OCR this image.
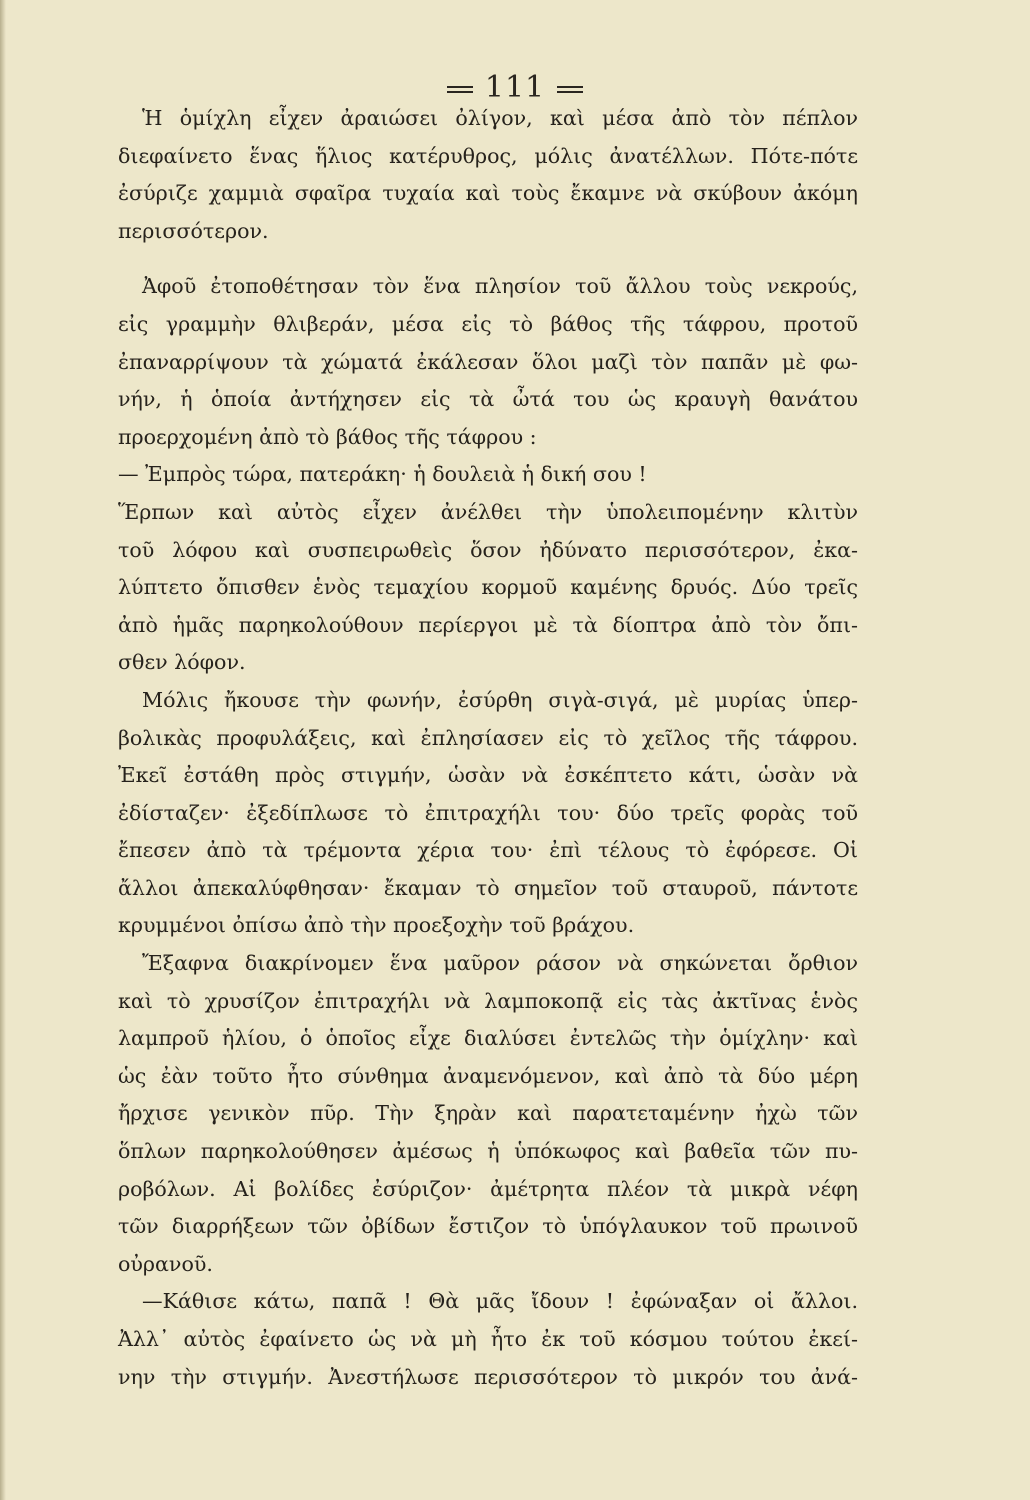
111
Ἡ ὁμίχλη εἶχεν ἀραιώσει ὀλίγον, καὶ μέσα ἀπὸ τὸν πέπλον
διεφαίνετο ἕνας ἥλιος κατέρυθρος, μόλις ἀνατέλλων. Πότε-πότε
ἐσύριζε χαμμιὰ σφαῖρα τυχαία καὶ τοὺς ἔκαμνε νὰ σκύβουν ἀκόμη
περισσότερον.
Ἀφοῦ ἐτοποθέτησαν τὸν ἕνα πλησίον τοῦ ἄλλου τοὺς νεκρούς,
εἰς γραμμὴν θλιβεράν, μέσα εἰς τὸ βάθος τῆς τάφρου, προτοῦ
ἐπαναρρίψουν τὰ χώματά ἐκάλεσαν ὅλοι μαζὶ τὸν παπᾶν μὲ φω-
νήν, ἡ ὁποία ἀντήχησεν εἰς τὰ ὦτά του ὡς κραυγὴ θανάτου
προερχομένη ἀπὸ τὸ βάθος τῆς τάφρου :
— Ἐμπρὸς τώρα, πατεράκη· ἡ δουλειὰ ἡ δική σου !
Ἕρπων καὶ αὐτὸς εἶχεν ἀνέλθει τὴν ὑπολειπομένην κλιτὺν
τοῦ λόφου καὶ συσπειρωθεὶς ὅσον ἠδύνατο περισσότερον, ἐκα-
λύπτετο ὄπισθεν ἑνὸς τεμαχίου κορμοῦ καμένης δρυός. Δύο τρεῖς
ἀπὸ ἡμᾶς παρηκολούθουν περίεργοι μὲ τὰ δίοπτρα ἀπὸ τὸν ὄπι-
σθεν λόφον.
Μόλις ἤκουσε τὴν φωνήν, ἐσύρθη σιγὰ-σιγά, μὲ μυρίας ὑπερ-
βολικὰς προφυλάξεις, καὶ ἐπλησίασεν εἰς τὸ χεῖλος τῆς τάφρου.
Ἐκεῖ ἐστάθη πρὸς στιγμήν, ὡσὰν νὰ ἐσκέπτετο κάτι, ὡσὰν νὰ
ἐδίσταζεν· ἐξεδίπλωσε τὸ ἐπιτραχήλι του· δύο τρεῖς φορὰς τοῦ
ἔπεσεν ἀπὸ τὰ τρέμοντα χέρια του· ἐπὶ τέλους τὸ ἐφόρεσε. Οἱ
ἄλλοι ἀπεκαλύφθησαν· ἔκαμαν τὸ σημεῖον τοῦ σταυροῦ, πάντοτε
κρυμμένοι ὀπίσω ἀπὸ τὴν προεξοχὴν τοῦ βράχου.
Ἔξαφνα διακρίνομεν ἕνα μαῦρον ράσον νὰ σηκώνεται ὄρθιον
καὶ τὸ χρυσίζον ἐπιτραχήλι νὰ λαμποκοπᾷ εἰς τὰς ἀκτῖνας ἑνὸς
λαμπροῦ ἡλίου, ὁ ὁποῖος εἶχε διαλύσει ἐντελῶς τὴν ὁμίχλην· καὶ
ὡς ἐὰν τοῦτο ἦτο σύνθημα ἀναμενόμενον, καὶ ἀπὸ τὰ δύο μέρη
ἤρχισε γενικὸν πῦρ. Τὴν ξηρὰν καὶ παρατεταμένην ἠχὼ τῶν
ὅπλων παρηκολούθησεν ἀμέσως ἡ ὑπόκωφος καὶ βαθεῖα τῶν πυ-
ροβόλων. Αἱ βολίδες ἐσύριζον· ἀμέτρητα πλέον τὰ μικρὰ νέφη
τῶν διαρρήξεων τῶν ὀβίδων ἔστιζον τὸ ὑπόγλαυκον τοῦ πρωινοῦ
οὐρανοῦ.
—Κάθισε κάτω, παπᾶ ! Θὰ μᾶς ἴδουν ! ἐφώναξαν οἱ ἄλλοι.
Ἀλλ᾽ αὐτὸς ἐφαίνετο ὡς νὰ μὴ ἦτο ἐκ τοῦ κόσμου τούτου ἐκεί-
νην τὴν στιγμήν. Ἀνεστήλωσε περισσότερον τὸ μικρόν του ἀνά-
